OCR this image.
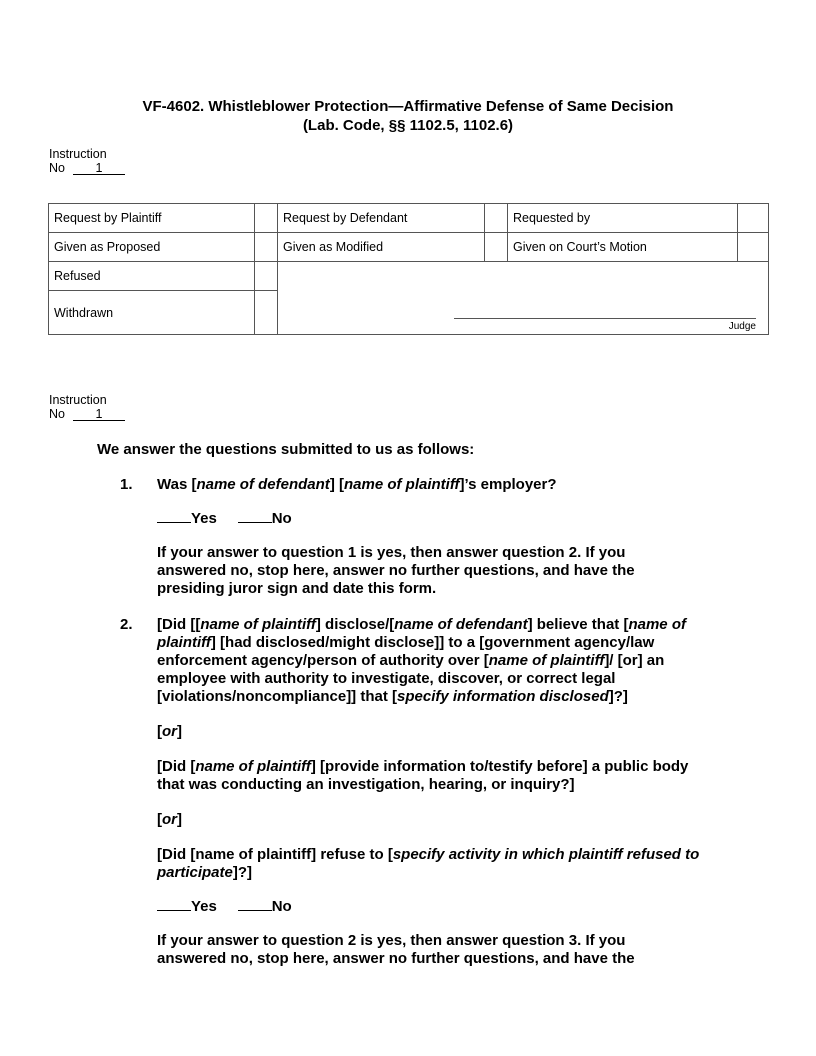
VF-4602. Whistleblower Protection—Affirmative Defense of Same Decision
(Lab. Code, §§ 1102.5, 1102.6)
Instruction
No 1
Request by Plaintiff		Request by Defendant		Requested by	
Given as Proposed		Given as Modified		Given on Court’s Motion	
Refused		Judge			

Withdrawn					
Instruction
No 1
We answer the questions submitted to us as follows:
1. Was [name of defendant] [name of plaintiff]’s employer?
Yes	No
If your answer to question 1 is yes, then answer question 2. If you answered no, stop here, answer no further questions, and have the presiding juror sign and date this form.
2. [Did [[name of plaintiff] disclose/[name of defendant] believe that [name of plaintiff] [had disclosed/might disclose]] to a [government agency/law enforcement agency/person of authority over [name of plaintiff]/ [or] an employee with authority to investigate, discover, or correct legal [violations/noncompliance]] that [specify information disclosed]?]
[or]
[Did [name of plaintiff] [provide information to/testify before] a public body that was conducting an investigation, hearing, or inquiry?]
[or]
[Did [name of plaintiff] refuse to [specify activity in which plaintiff refused to participate]?]
Yes	No
If your answer to question 2 is yes, then answer question 3. If you answered no, stop here, answer no further questions, and have the
